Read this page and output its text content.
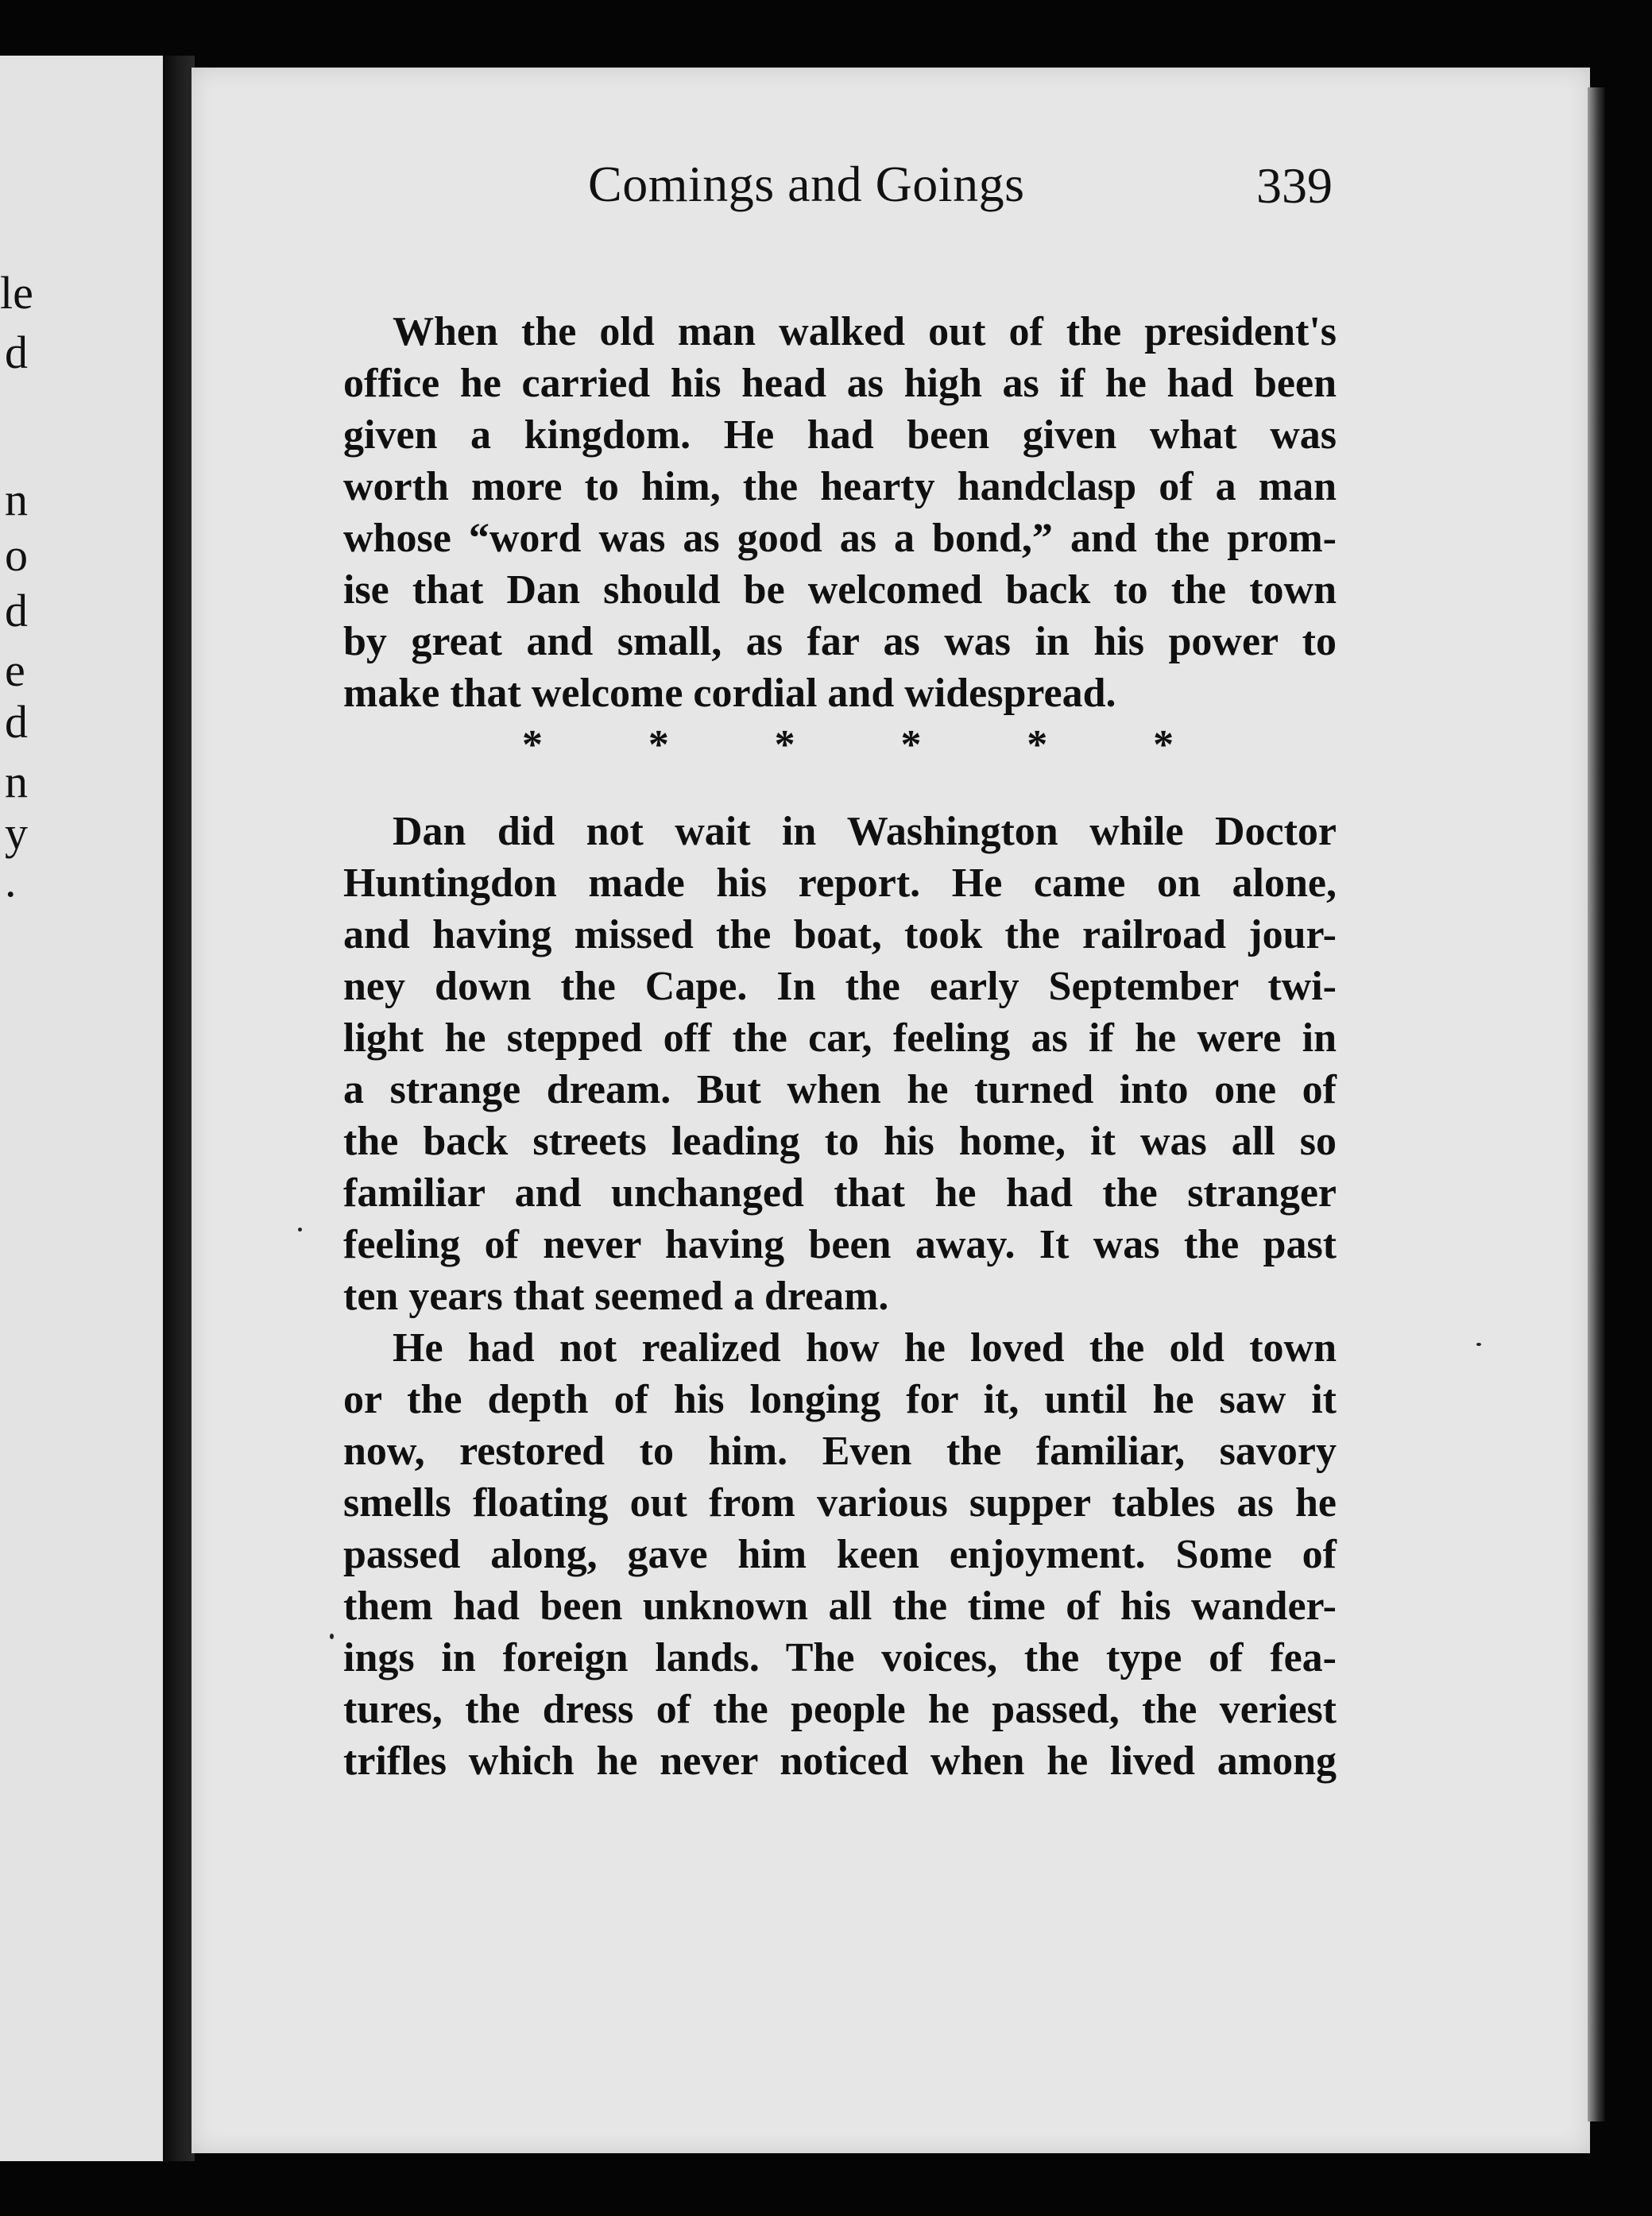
le
d
n
o
d
e
d
n
y
.
Comings and Goings	339
When the old man walked out of the president's
office he carried his head as high as if he had been
given a kingdom. He had been given what was
worth more to him, the hearty handclasp of a man
whose “word was as good as a bond,” and the prom-
ise that Dan should be welcomed back to the town
by great and small, as far as was in his power to
make that welcome cordial and widespread.
*	*	*	*	*	*
Dan did not wait in Washington while Doctor
Huntingdon made his report. He came on alone,
and having missed the boat, took the railroad jour-
ney down the Cape. In the early September twi-
light he stepped off the car, feeling as if he were in
a strange dream. But when he turned into one of
the back streets leading to his home, it was all so
familiar and unchanged that he had the stranger
feeling of never having been away. It was the past
ten years that seemed a dream.
He had not realized how he loved the old town
or the depth of his longing for it, until he saw it
now, restored to him. Even the familiar, savory
smells floating out from various supper tables as he
passed along, gave him keen enjoyment. Some of
them had been unknown all the time of his wander-
ings in foreign lands. The voices, the type of fea-
tures, the dress of the people he passed, the veriest
trifles which he never noticed when he lived among
